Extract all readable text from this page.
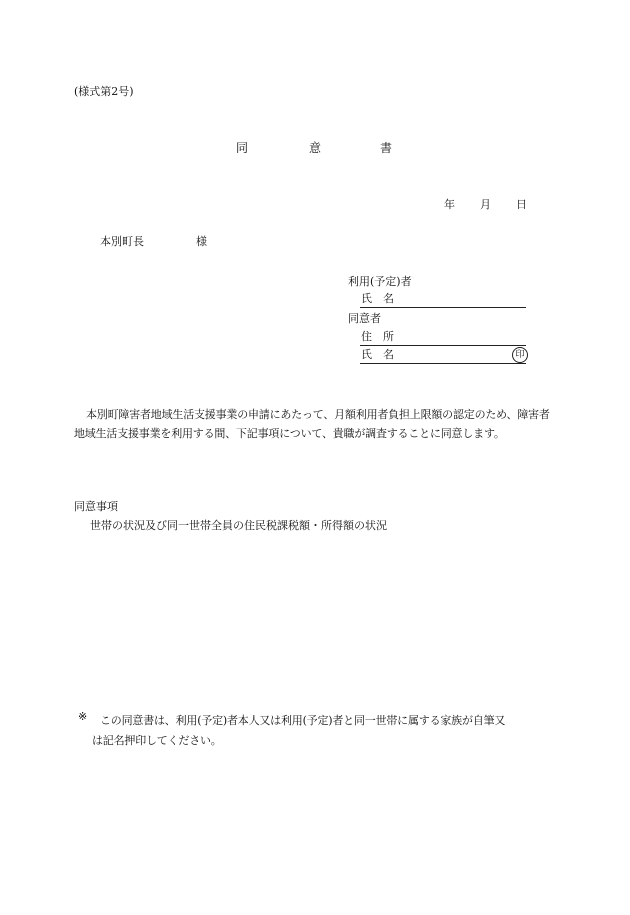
(様式第2号)
同	意	書
年 月 日
本別町長	様
利用(予定)者
氏　名
同意者
住　所
氏　名	印
本別町障害者地域生活支援事業の申請にあたって、月額利用者負担上限額の認定のため、障害者地域生活支援事業を利用する間、下記事項について、貴職が調査することに同意します。
同意事項
世帯の状況及び同一世帯全員の住民税課税額・所得額の状況
※	この同意書は、利用(予定)者本人又は利用(予定)者と同一世帯に属する家族が自筆又
は記名押印してください。
